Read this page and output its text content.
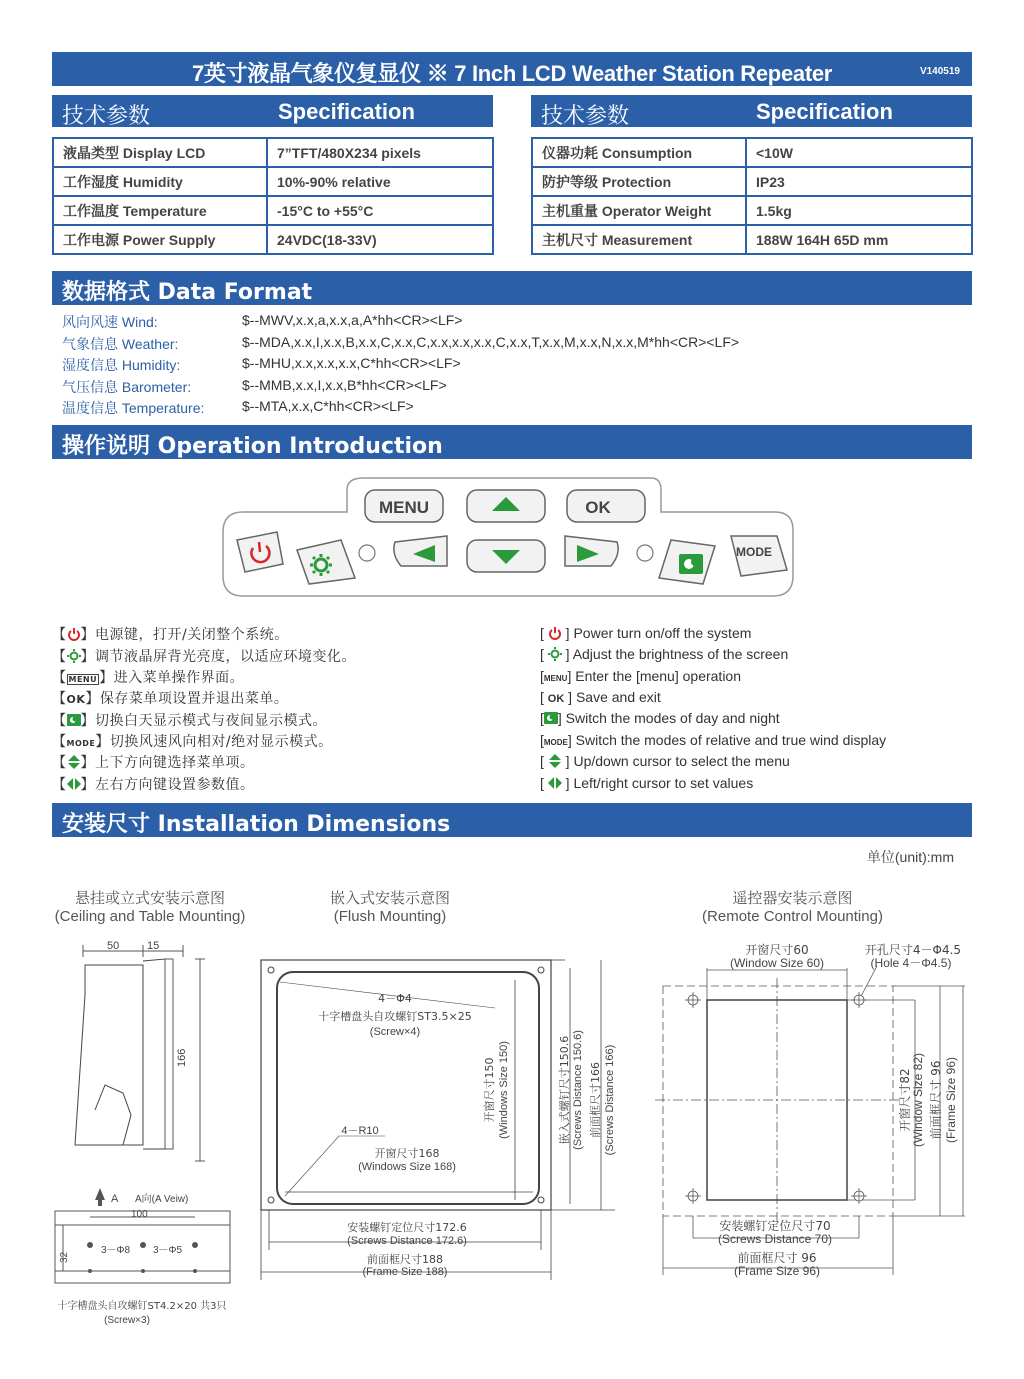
7英寸液晶气象仪复显仪 ※ 7 Inch LCD Weather Station Repeater	V140519
技术参数	Specification
液晶类型 Display LCD	7”TFT/480X234 pixels
工作湿度 Humidity	10%-90% relative
工作温度 Temperature	-15°C to +55°C
工作电源 Power Supply	24VDC(18-33V)
技术参数	Specification
仪器功耗 Consumption	<10W
防护等级 Protection	IP23
主机重量 Operator Weight	1.5kg
主机尺寸 Measurement	188W 164H 65D mm
数据格式 Data Format
风向风速 Wind:	$--MWV,x.x,a,x.x,a,A*hh<CR><LF>
气象信息 Weather:	$--MDA,x.x,I,x.x,B,x.x,C,x.x,C,x.x,x.x,x.x,C,x.x,T,x.x,M,x.x,N,x.x,M*hh<CR><LF>
湿度信息 Humidity:	$--MHU,x.x,x.x,x.x,C*hh<CR><LF>
气压信息 Barometer:	$--MMB,x.x,I,x.x,B*hh<CR><LF>
温度信息 Temperature:	$--MTA,x.x,C*hh<CR><LF>
操作说明 Operation Introduction
MENU	OK
MODE
【 】电源键，打开/关闭整个系统。
【 】调节液晶屏背光亮度，以适应环境变化。
【 MENU 】进入菜单操作界面。
【OK】保存菜单项设置并退出菜单。
【 】切换白天显示模式与夜间显示模式。
【MODE】切换风速风向相对/绝对显示模式。
【 】上下方向键选择菜单项。
【 】左右方向键设置参数值。
[  ] Power turn on/off the system
[  ] Adjust the brightness of the screen
[MENU] Enter the [menu] operation
[ OK ] Save and exit
[ ] Switch the modes of day and night
[MODE] Switch the modes of relative and true wind display
[  ] Up/down cursor to select the menu
[  ] Left/right cursor to set values
安装尺寸 Installation Dimensions
单位(unit):mm
悬挂或立式安装示意图
(Ceiling and Table Mounting)
嵌入式安装示意图
(Flush Mounting)
遥控器安装示意图
(Remote Control Mounting)
50	15
166
A A向(A Veiw)
100
32
3－Φ8 3－Φ5
十字槽盘头自攻螺钉ST4.2×20 共3只
(Screw×3)
4－Φ4
十字槽盘头自攻螺钉ST3.5×25
(Screw×4)
4－R10
开窗尺寸168
(Windows Size 168)
开窗尺寸150 (Windows Size 150)	嵌入式螺钉尺寸150.6 (Screws Distance 150.6) 前面框尺寸166 (Screws Distance 166)
安装螺钉定位尺寸172.6
(Screws Distance 172.6)
前面框尺寸188
(Frame Size 188)
开窗尺寸60
(Window Size 60)
开孔尺寸4－Φ4.5
(Hole 4－Φ4.5)
开窗尺寸82 (Window Size 82) 前面框尺寸 96 (Frame Size 96)
安装螺钉定位尺寸70
(Screws Distance 70)
前面框尺寸 96
(Frame Size 96)
